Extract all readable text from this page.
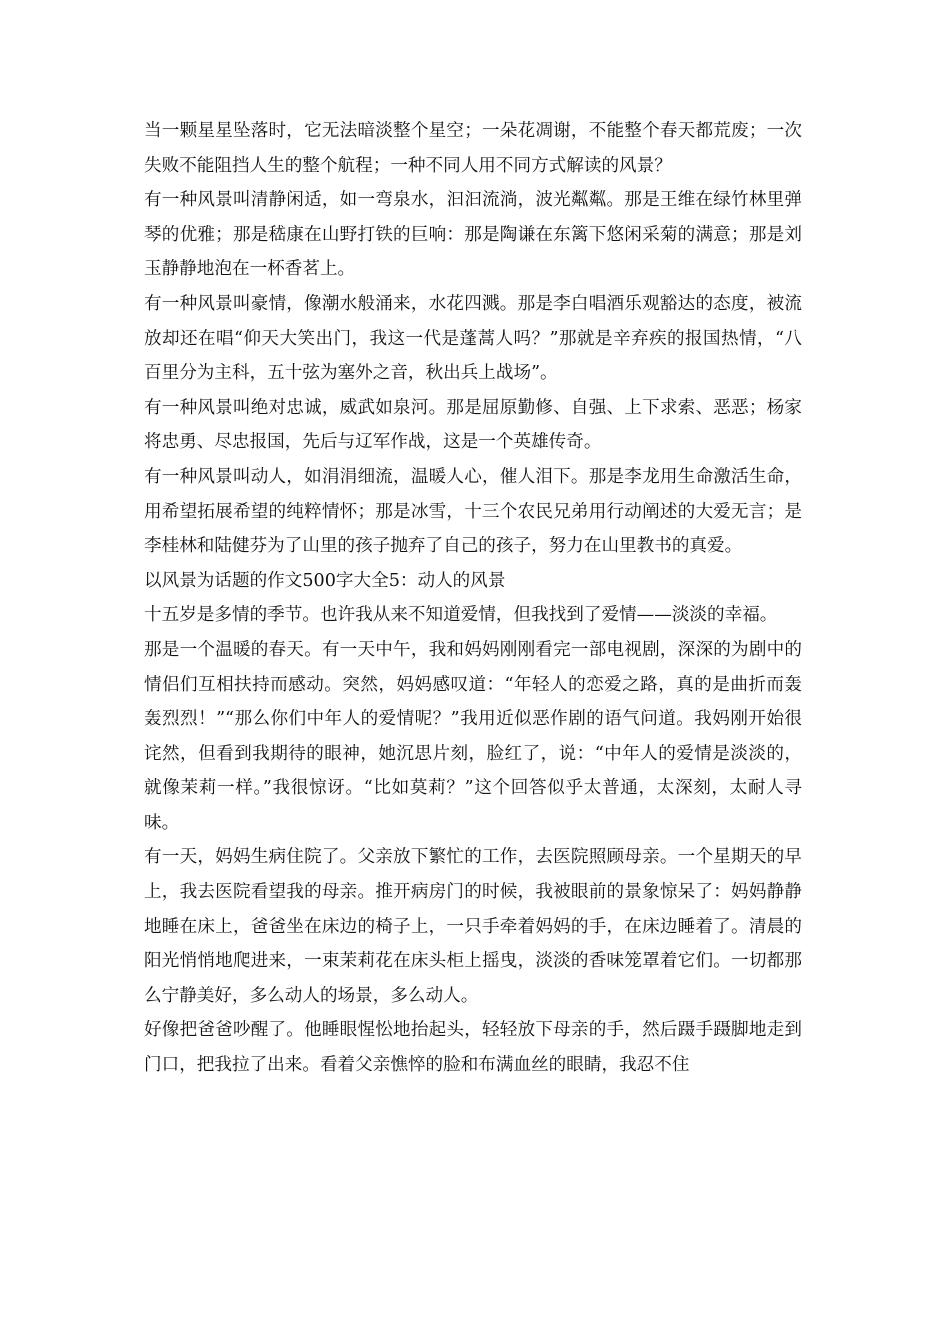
当一颗星星坠落时，它无法暗淡整个星空；一朵花凋谢，不能整个春天都荒废；一次失败不能阻挡人生的整个航程；一种不同人用不同方式解读的风景？

有一种风景叫清静闲适，如一弯泉水，汩汩流淌，波光粼粼。那是王维在绿竹林里弹琴的优雅；那是嵇康在山野打铁的巨响：那是陶谦在东篱下悠闲采菊的满意；那是刘玉静静地泡在一杯香茗上。

有一种风景叫豪情，像潮水般涌来，水花四溅。那是李白唱酒乐观豁达的态度，被流放却还在唱“仰天大笑出门，我这一代是蓬蒿人吗？”那就是辛弃疾的报国热情，“八百里分为主科，五十弦为塞外之音，秋出兵上战场”。

有一种风景叫绝对忠诚，威武如泉河。那是屈原勤修、自强、上下求索、恶恶；杨家将忠勇、尽忠报国，先后与辽军作战，这是一个英雄传奇。

有一种风景叫动人，如涓涓细流，温暖人心，催人泪下。那是李龙用生命激活生命，用希望拓展希望的纯粹情怀；那是冰雪，十三个农民兄弟用行动阐述的大爱无言；是李桂林和陆健芬为了山里的孩子抛弃了自己的孩子，努力在山里教书的真爱。

以风景为话题的作文500字大全5：动人的风景

十五岁是多情的季节。也许我从来不知道爱情，但我找到了爱情——淡淡的幸福。

那是一个温暖的春天。有一天中午，我和妈妈刚刚看完一部电视剧，深深的为剧中的情侣们互相扶持而感动。突然，妈妈感叹道：“年轻人的恋爱之路，真的是曲折而轰轰烈烈！”“那么你们中年人的爱情呢？”我用近似恶作剧的语气问道。我妈刚开始很诧然，但看到我期待的眼神，她沉思片刻，脸红了，说：“中年人的爱情是淡淡的，就像茉莉一样。”我很惊讶。“比如莫莉？”这个回答似乎太普通，太深刻，太耐人寻味。

有一天，妈妈生病住院了。父亲放下繁忙的工作，去医院照顾母亲。一个星期天的早上，我去医院看望我的母亲。推开病房门的时候，我被眼前的景象惊呆了：妈妈静静地睡在床上，爸爸坐在床边的椅子上，一只手牵着妈妈的手，在床边睡着了。清晨的阳光悄悄地爬进来，一束茉莉花在床头柜上摇曳，淡淡的香味笼罩着它们。一切都那么宁静美好，多么动人的场景，多么动人。

好像把爸爸吵醒了。他睡眼惺忪地抬起头，轻轻放下母亲的手，然后蹑手蹑脚地走到门口，把我拉了出来。看着父亲憔悴的脸和布满血丝的眼睛，我忍不住
